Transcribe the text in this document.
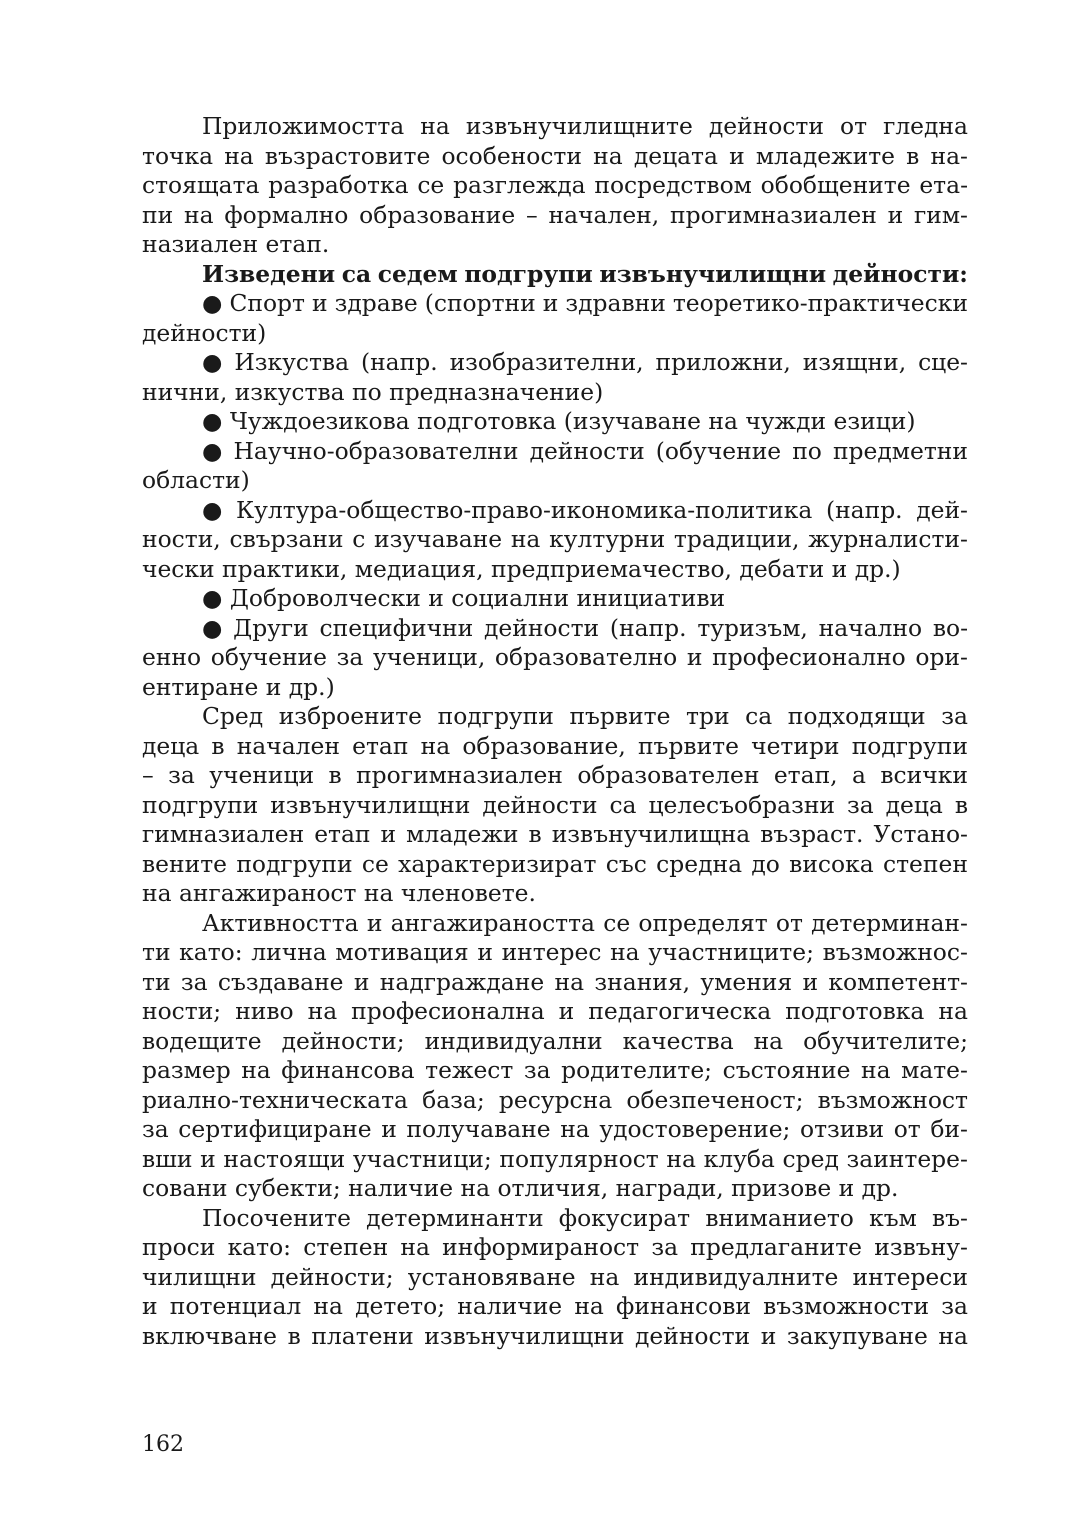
Приложимостта на извънучилищните дейности от гледна
точка на възрастовите особености на децата и младежите в на-
стоящата разработка се разглежда посредством обобщените ета-
пи на формално образование – начален, прогимназиален и гим-
назиален етап.
Изведени са седем подгрупи извънучилищни дейности:
● Спорт и здраве (спортни и здравни теоретико-практически
дейности)
● Изкуства (напр. изобразителни, приложни, изящни, сце-
нични, изкуства по предназначение)
● Чуждоезикова подготовка (изучаване на чужди езици)
● Научно-образователни дейности (обучение по предметни
области)
● Култура-общество-право-икономика-политика (напр. дей-
ности, свързани с изучаване на културни традиции, журналисти-
чески практики, медиация, предприемачество, дебати и др.)
● Доброволчески и социални инициативи
● Други специфични дейности (напр. туризъм, начално во-
енно обучение за ученици, образователно и професионално ори-
ентиране и др.)
Сред изброените подгрупи първите три са подходящи за
деца в начален етап на образование, първите четири подгрупи
– за ученици в прогимназиален образователен етап, а всички
подгрупи извънучилищни дейности са целесъобразни за деца в
гимназиален етап и младежи в извънучилищна възраст. Устано-
вените подгрупи се характеризират със средна до висока степен
на ангажираност на членовете.
Активността и ангажираността се определят от детерминан-
ти като: лична мотивация и интерес на участниците; възможнос-
ти за създаване и надграждане на знания, умения и компетент-
ности; ниво на професионална и педагогическа подготовка на
водещите дейности; индивидуални качества на обучителите;
размер на финансова тежест за родителите; състояние на мате-
риално-техническата база; ресурсна обезпеченост; възможност
за сертифициране и получаване на удостоверение; отзиви от би-
вши и настоящи участници; популярност на клуба сред заинтере-
совани субекти; наличие на отличия, награди, призове и др.
Посочените детерминанти фокусират вниманието към въ-
проси като: степен на информираност за предлаганите извъну-
чилищни дейности; установяване на индивидуалните интереси
и потенциал на детето; наличие на финансови възможности за
включване в платени извънучилищни дейности и закупуване на
162
